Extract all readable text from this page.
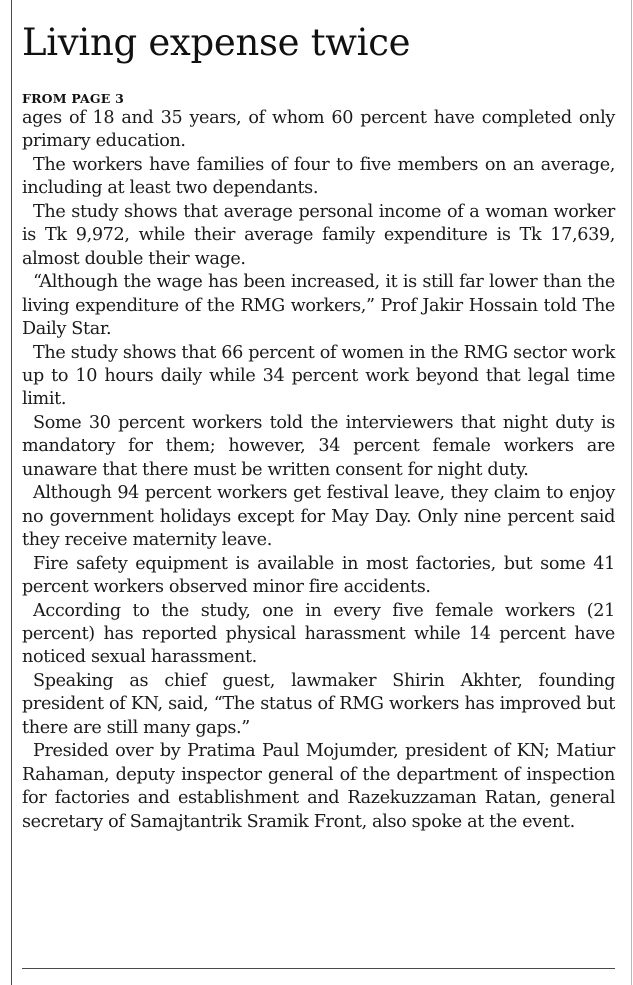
Living expense twice
FROM PAGE 3

ages of 18 and 35 years, of whom 60 percent have completed only primary education.

The workers have families of four to five members on an average, including at least two dependants.

The study shows that average personal income of a woman worker is Tk 9,972, while their average family expenditure is Tk 17,639, almost double their wage.

“Although the wage has been increased, it is still far lower than the living expenditure of the RMG workers,” Prof Jakir Hossain told The Daily Star.

The study shows that 66 percent of women in the RMG sector work up to 10 hours daily while 34 percent work beyond that legal time limit.

Some 30 percent workers told the interviewers that night duty is mandatory for them; however, 34 percent female workers are unaware that there must be written consent for night duty.

Although 94 percent workers get festival leave, they claim to enjoy no government holidays except for May Day. Only nine percent said they receive maternity leave.

Fire safety equipment is available in most factories, but some 41 percent workers observed minor fire accidents.

According to the study, one in every five female workers (21 percent) has reported physical harassment while 14 percent have noticed sexual harassment.

Speaking as chief guest, lawmaker Shirin Akhter, founding president of KN, said, “The status of RMG workers has improved but there are still many gaps.”

Presided over by Pratima Paul Mojumder, president of KN; Matiur Rahaman, deputy inspector general of the department of inspection for factories and establishment and Razekuzzaman Ratan, general secretary of Samajtantrik Sramik Front, also spoke at the event.
